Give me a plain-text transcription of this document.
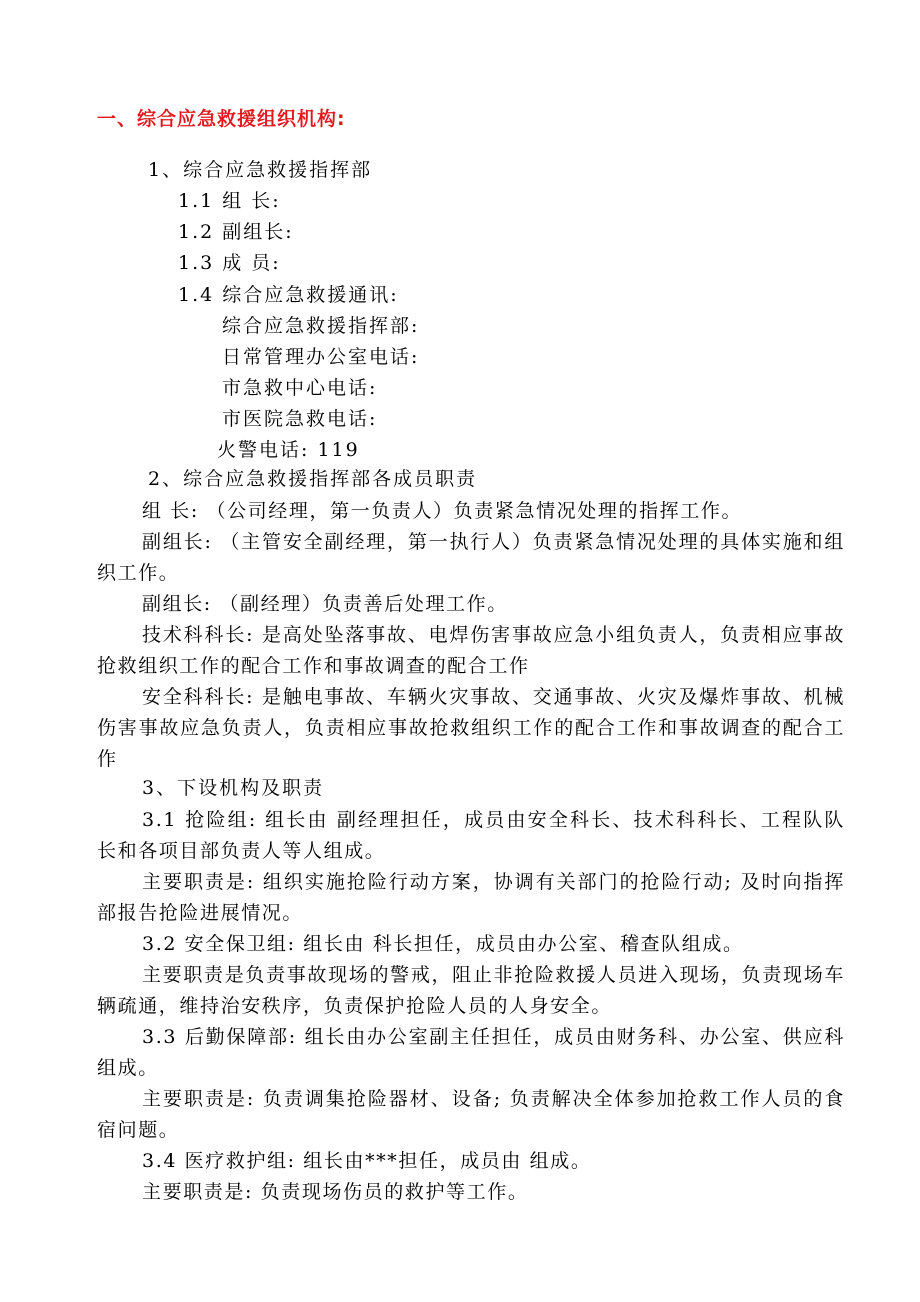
一、综合应急救援组织机构:
1、综合应急救援指挥部
1.1 组 长:
1.2 副组长:
1.3 成 员:
1.4 综合应急救援通讯:
综合应急救援指挥部:
日常管理办公室电话:
市急救中心电话:
市医院急救电话:
火警电话: 119
2、综合应急救援指挥部各成员职责
组 长: （公司经理，第一负责人）负责紧急情况处理的指挥工作。
副组长: （主管安全副经理，第一执行人）负责紧急情况处理的具体实施和组织工作。
副组长: （副经理）负责善后处理工作。
技术科科长: 是高处坠落事故、电焊伤害事故应急小组负责人，负责相应事故抢救组织工作的配合工作和事故调查的配合工作
安全科科长: 是触电事故、车辆火灾事故、交通事故、火灾及爆炸事故、机械伤害事故应急负责人，负责相应事故抢救组织工作的配合工作和事故调查的配合工作
3、下设机构及职责
3.1 抢险组: 组长由 副经理担任，成员由安全科长、技术科科长、工程队队长和各项目部负责人等人组成。
主要职责是: 组织实施抢险行动方案，协调有关部门的抢险行动; 及时向指挥部报告抢险进展情况。
3.2 安全保卫组: 组长由 科长担任，成员由办公室、稽查队组成。
主要职责是负责事故现场的警戒，阻止非抢险救援人员进入现场，负责现场车辆疏通，维持治安秩序，负责保护抢险人员的人身安全。
3.3 后勤保障部: 组长由办公室副主任担任，成员由财务科、办公室、供应科组成。
主要职责是: 负责调集抢险器材、设备; 负责解决全体参加抢救工作人员的食宿问题。
3.4 医疗救护组: 组长由***担任，成员由 组成。
主要职责是: 负责现场伤员的救护等工作。
